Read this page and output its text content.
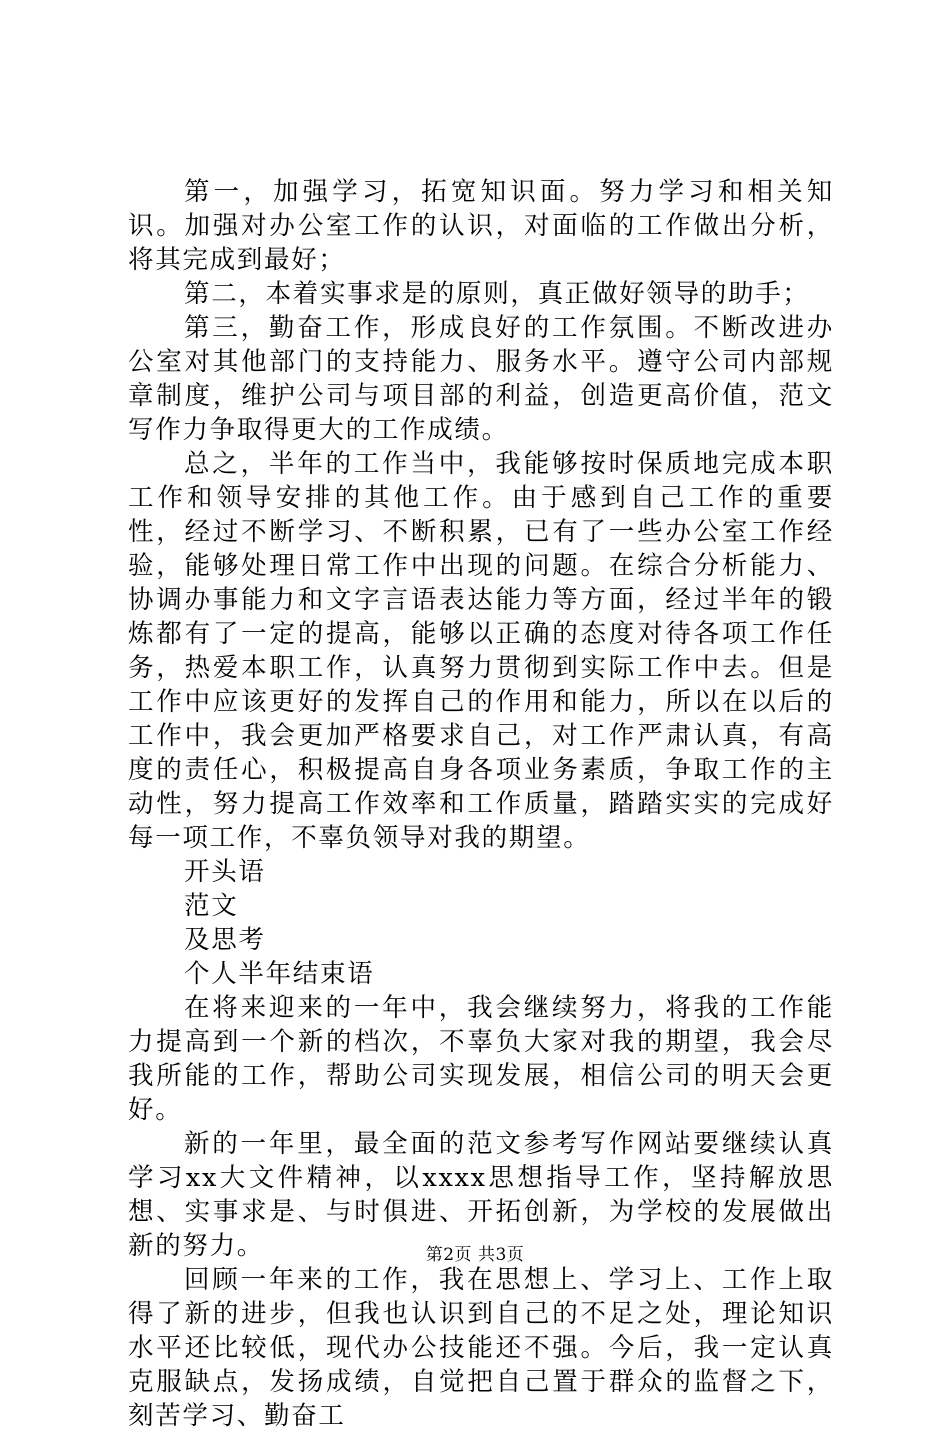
第一，加强学习，拓宽知识面。努力学习和相关知识。加强对办公室工作的认识，对面临的工作做出分析，将其完成到最好；

第二，本着实事求是的原则，真正做好领导的助手；

第三，勤奋工作，形成良好的工作氛围。不断改进办公室对其他部门的支持能力、服务水平。遵守公司内部规章制度，维护公司与项目部的利益，创造更高价值，范文写作力争取得更大的工作成绩。

总之，半年的工作当中，我能够按时保质地完成本职工作和领导安排的其他工作。由于感到自己工作的重要性，经过不断学习、不断积累，已有了一些办公室工作经验，能够处理日常工作中出现的问题。在综合分析能力、协调办事能力和文字言语表达能力等方面，经过半年的锻炼都有了一定的提高，能够以正确的态度对待各项工作任务，热爱本职工作，认真努力贯彻到实际工作中去。但是工作中应该更好的发挥自己的作用和能力，所以在以后的工作中，我会更加严格要求自己，对工作严肃认真，有高度的责任心，积极提高自身各项业务素质，争取工作的主动性，努力提高工作效率和工作质量，踏踏实实的完成好每一项工作，不辜负领导对我的期望。

开头语

范文

及思考

个人半年结束语

在将来迎来的一年中，我会继续努力，将我的工作能力提高到一个新的档次，不辜负大家对我的期望，我会尽我所能的工作，帮助公司实现发展，相信公司的明天会更好。

新的一年里，最全面的范文参考写作网站要继续认真学习xx大文件精神，以xxxx思想指导工作，坚持解放思想、实事求是、与时俱进、开拓创新，为学校的发展做出新的努力。

回顾一年来的工作，我在思想上、学习上、工作上取得了新的进步，但我也认识到自己的不足之处，理论知识水平还比较低，现代办公技能还不强。今后，我一定认真克服缺点，发扬成绩，自觉把自己置于群众的监督之下，刻苦学习、勤奋工

第2页 共3页
